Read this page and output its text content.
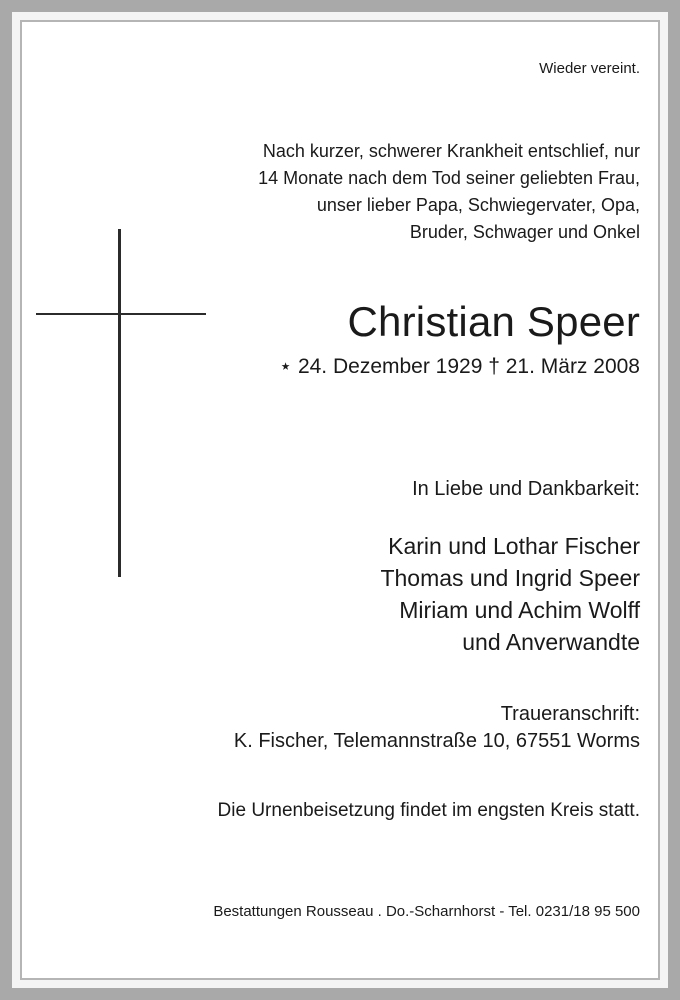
Wieder vereint.
Nach kurzer, schwerer Krankheit entschlief, nur
14 Monate nach dem Tod seiner geliebten Frau,
unser lieber Papa, Schwiegervater, Opa,
Bruder, Schwager und Onkel
Christian Speer
⋆ 24. Dezember 1929 † 21. März 2008
In Liebe und Dankbarkeit:
Karin und Lothar Fischer
Thomas und Ingrid Speer
Miriam und Achim Wolff
und Anverwandte
Traueranschrift:
K. Fischer, Telemannstraße 10, 67551 Worms
Die Urnenbeisetzung findet im engsten Kreis statt.
Bestattungen Rousseau . Do.-Scharnhorst - Tel. 0231/18 95 500
